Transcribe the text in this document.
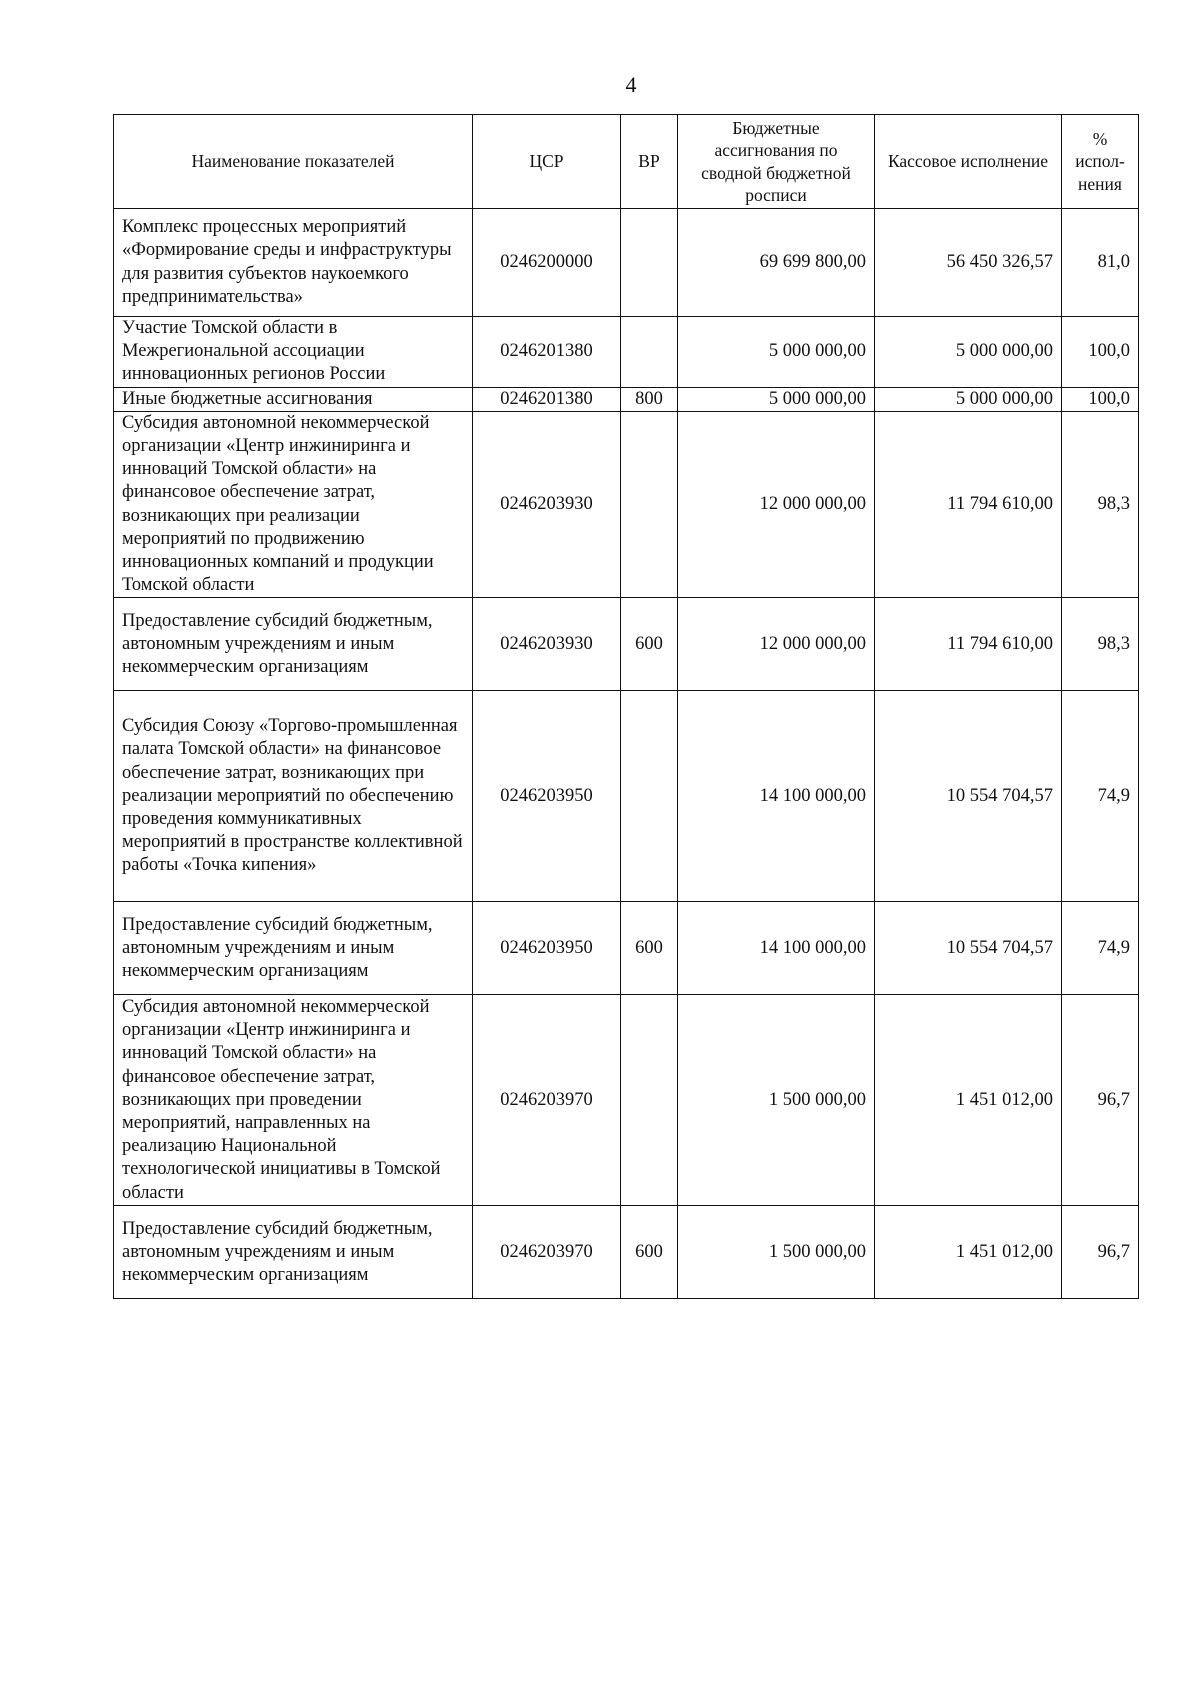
4
Наименование показателей	ЦСР	ВР	Бюджетные ассигнования по сводной бюджетной росписи	Кассовое исполнение	% испол-нения
Комплекс процессных мероприятий «Формирование среды и инфраструктуры для развития субъектов наукоемкого предпринимательства»	0246200000		69 699 800,00	56 450 326,57	81,0
Участие Томской области в Межрегиональной ассоциации инновационных регионов России	0246201380		5 000 000,00	5 000 000,00	100,0
Иные бюджетные ассигнования	0246201380	800	5 000 000,00	5 000 000,00	100,0
Субсидия автономной некоммерческой организации «Центр инжиниринга и инноваций Томской области» на финансовое обеспечение затрат, возникающих при реализации мероприятий по продвижению инновационных компаний и продукции Томской области	0246203930		12 000 000,00	11 794 610,00	98,3
Предоставление субсидий бюджетным, автономным учреждениям и иным некоммерческим организациям	0246203930	600	12 000 000,00	11 794 610,00	98,3
Субсидия Союзу «Торгово-промышленная палата Томской области» на финансовое обеспечение затрат, возникающих при реализации мероприятий по обеспечению проведения коммуникативных мероприятий в пространстве коллективной работы «Точка кипения»	0246203950		14 100 000,00	10 554 704,57	74,9
Предоставление субсидий бюджетным, автономным учреждениям и иным некоммерческим организациям	0246203950	600	14 100 000,00	10 554 704,57	74,9
Субсидия автономной некоммерческой организации «Центр инжиниринга и инноваций Томской области» на финансовое обеспечение затрат, возникающих при проведении мероприятий, направленных на реализацию Национальной технологической инициативы в Томской области	0246203970		1 500 000,00	1 451 012,00	96,7
Предоставление субсидий бюджетным, автономным учреждениям и иным некоммерческим организациям	0246203970	600	1 500 000,00	1 451 012,00	96,7
